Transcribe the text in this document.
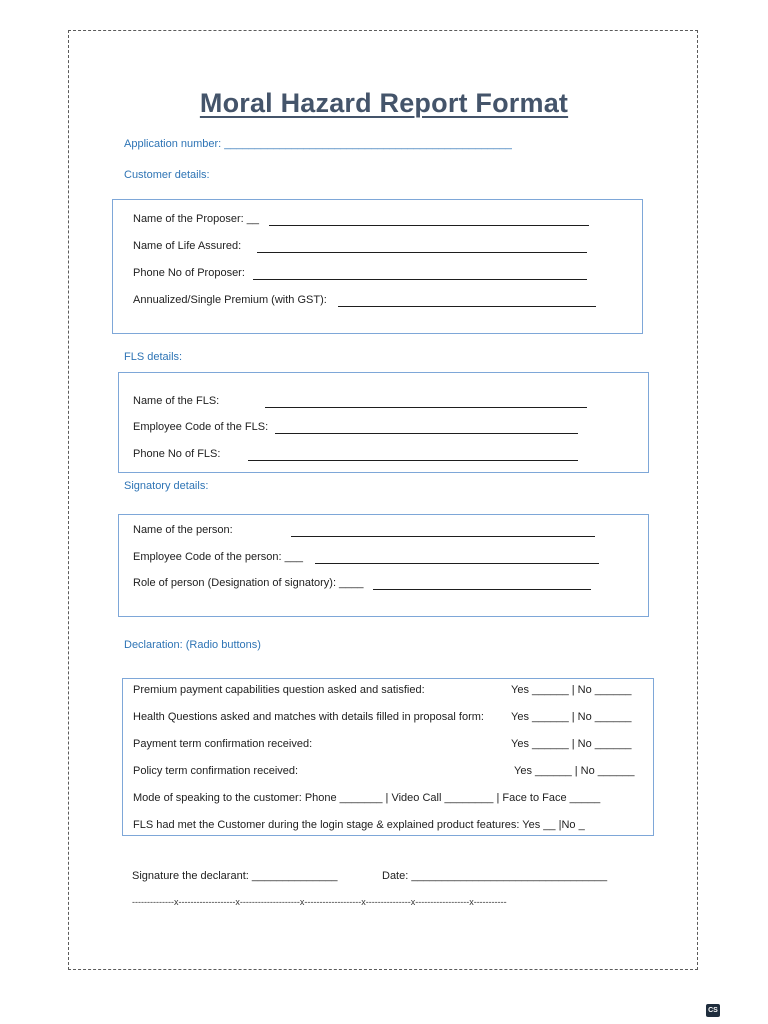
Moral Hazard Report Format
Application number: _______________________________________________
Customer details:
Name of the Proposer: __
Name of Life Assured:
Phone No of Proposer:
Annualized/Single Premium (with GST):
FLS details:
Name of the FLS:
Employee Code of the FLS:
Phone No of FLS:
Signatory details:
Name of the person:
Employee Code of the person: ___
Role of person (Designation of signatory): ____
Declaration: (Radio buttons)
Premium payment capabilities question asked and satisfied:	Yes ______ | No ______
Health Questions asked and matches with details filled in proposal form: Yes ______ | No ______
Payment term confirmation received:	Yes ______ | No ______
Policy term confirmation received:	Yes ______ | No ______
Mode of speaking to the customer: Phone _______ | Video Call ________ | Face to Face _____
FLS had met the Customer during the login stage & explained product features: Yes __ |No _
Signature the declarant: ______________	Date: ________________________________
--------------x-------------------x--------------------x-------------------x---------------x------------------x-----------
CS
